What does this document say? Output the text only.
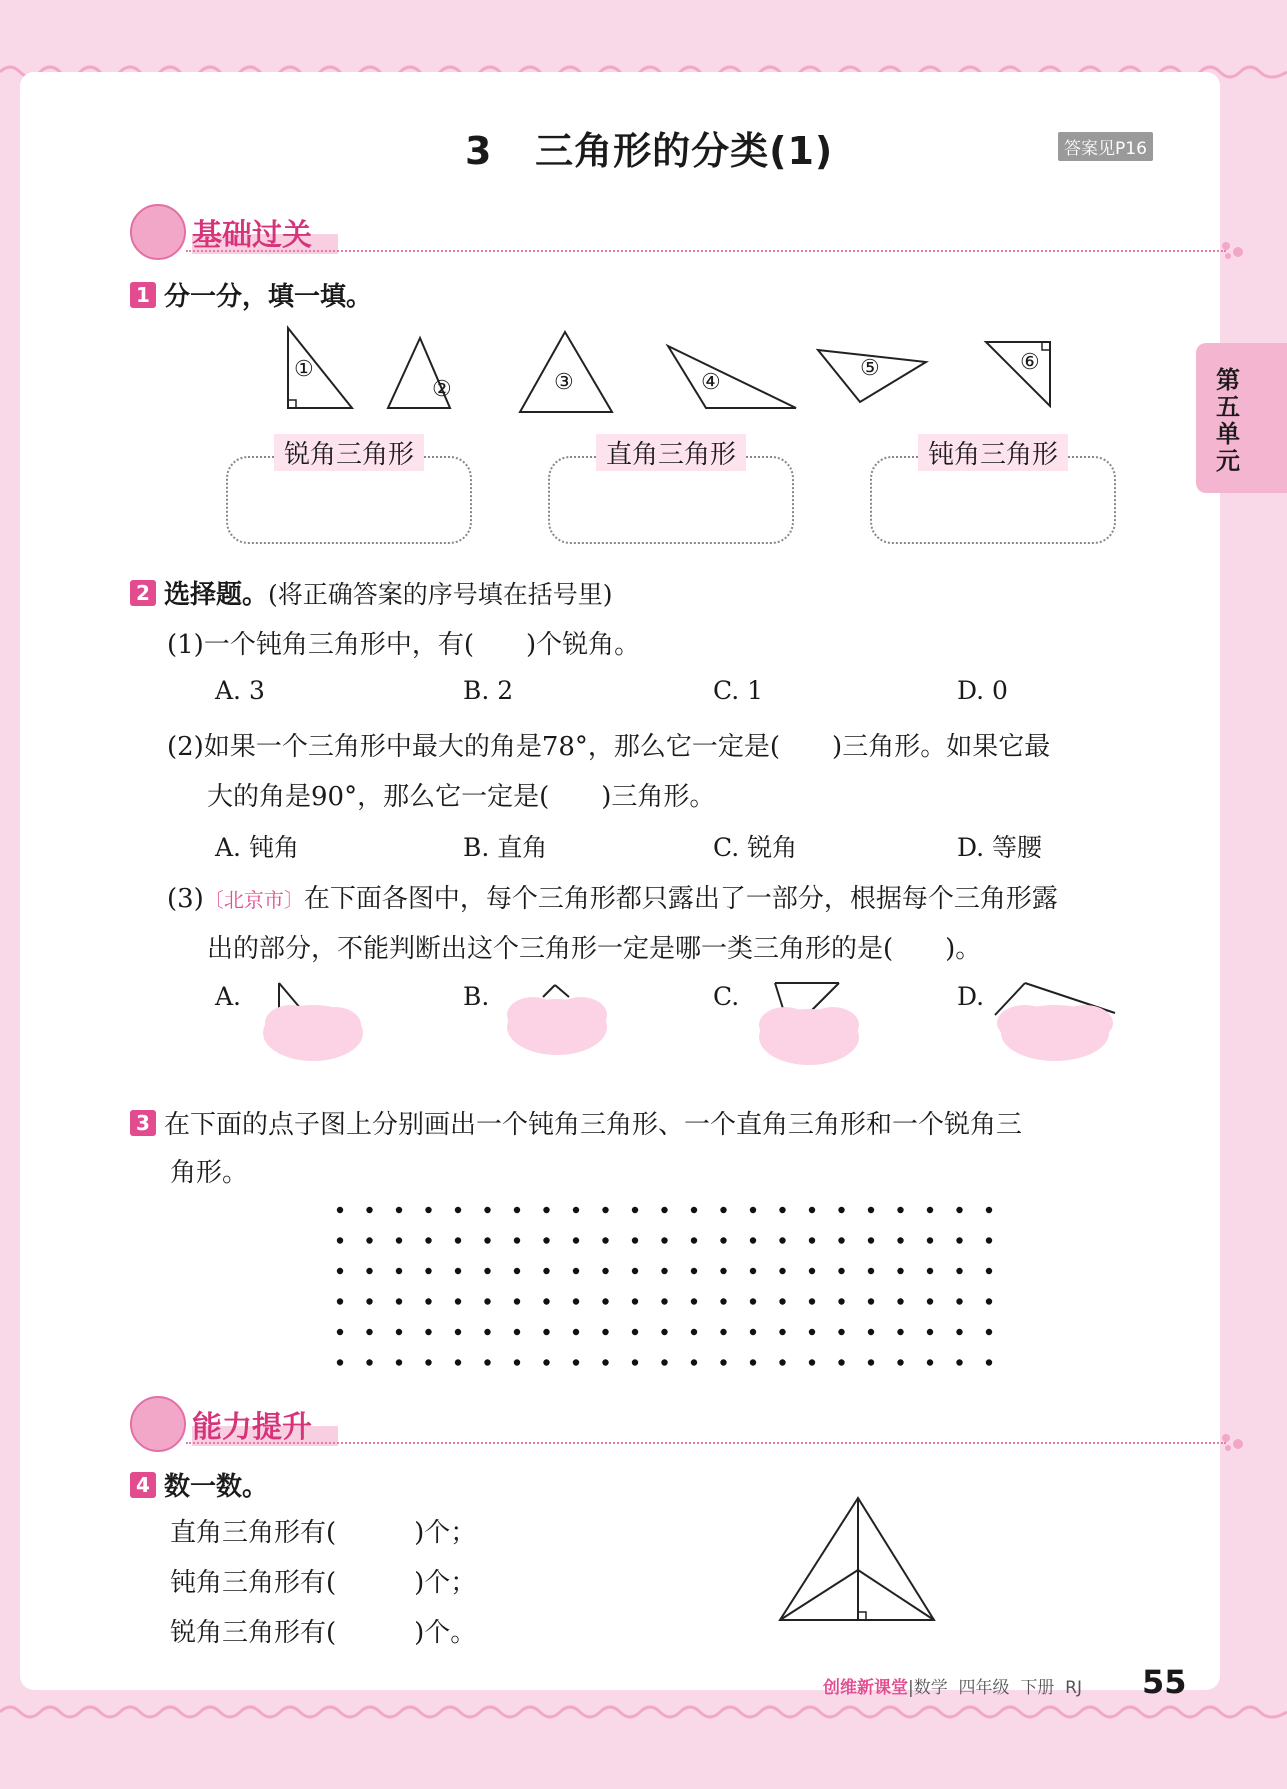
第五单元
3   三角形的分类(1)	答案见P16
基础过关
1 分一分，填一填。
①
②	③	④
⑤	⑥
锐角三角形	直角三角形	钝角三角形
2 选择题。(将正确答案的序号填在括号里)
(1)一个钝角三角形中，有(　　)个锐角。
A. 3	B. 2	C. 1	D. 0
(2)如果一个三角形中最大的角是78°，那么它一定是(　　)三角形。如果它最
大的角是90°，那么它一定是(　　)三角形。
A. 钝角	B. 直角	C. 锐角	D. 等腰
(3)〔北京市〕在下面各图中，每个三角形都只露出了一部分，根据每个三角形露
出的部分，不能判断出这个三角形一定是哪一类三角形的是(　　)。
A.	B.	C.	D.
3 在下面的点子图上分别画出一个钝角三角形、一个直角三角形和一个锐角三
角形。
能力提升
4 数一数。
直角三角形有(　　　)个；
钝角三角形有(　　　)个；
锐角三角形有(　　　)个。
创维新课堂|数学  四年级  下册  RJ 55
